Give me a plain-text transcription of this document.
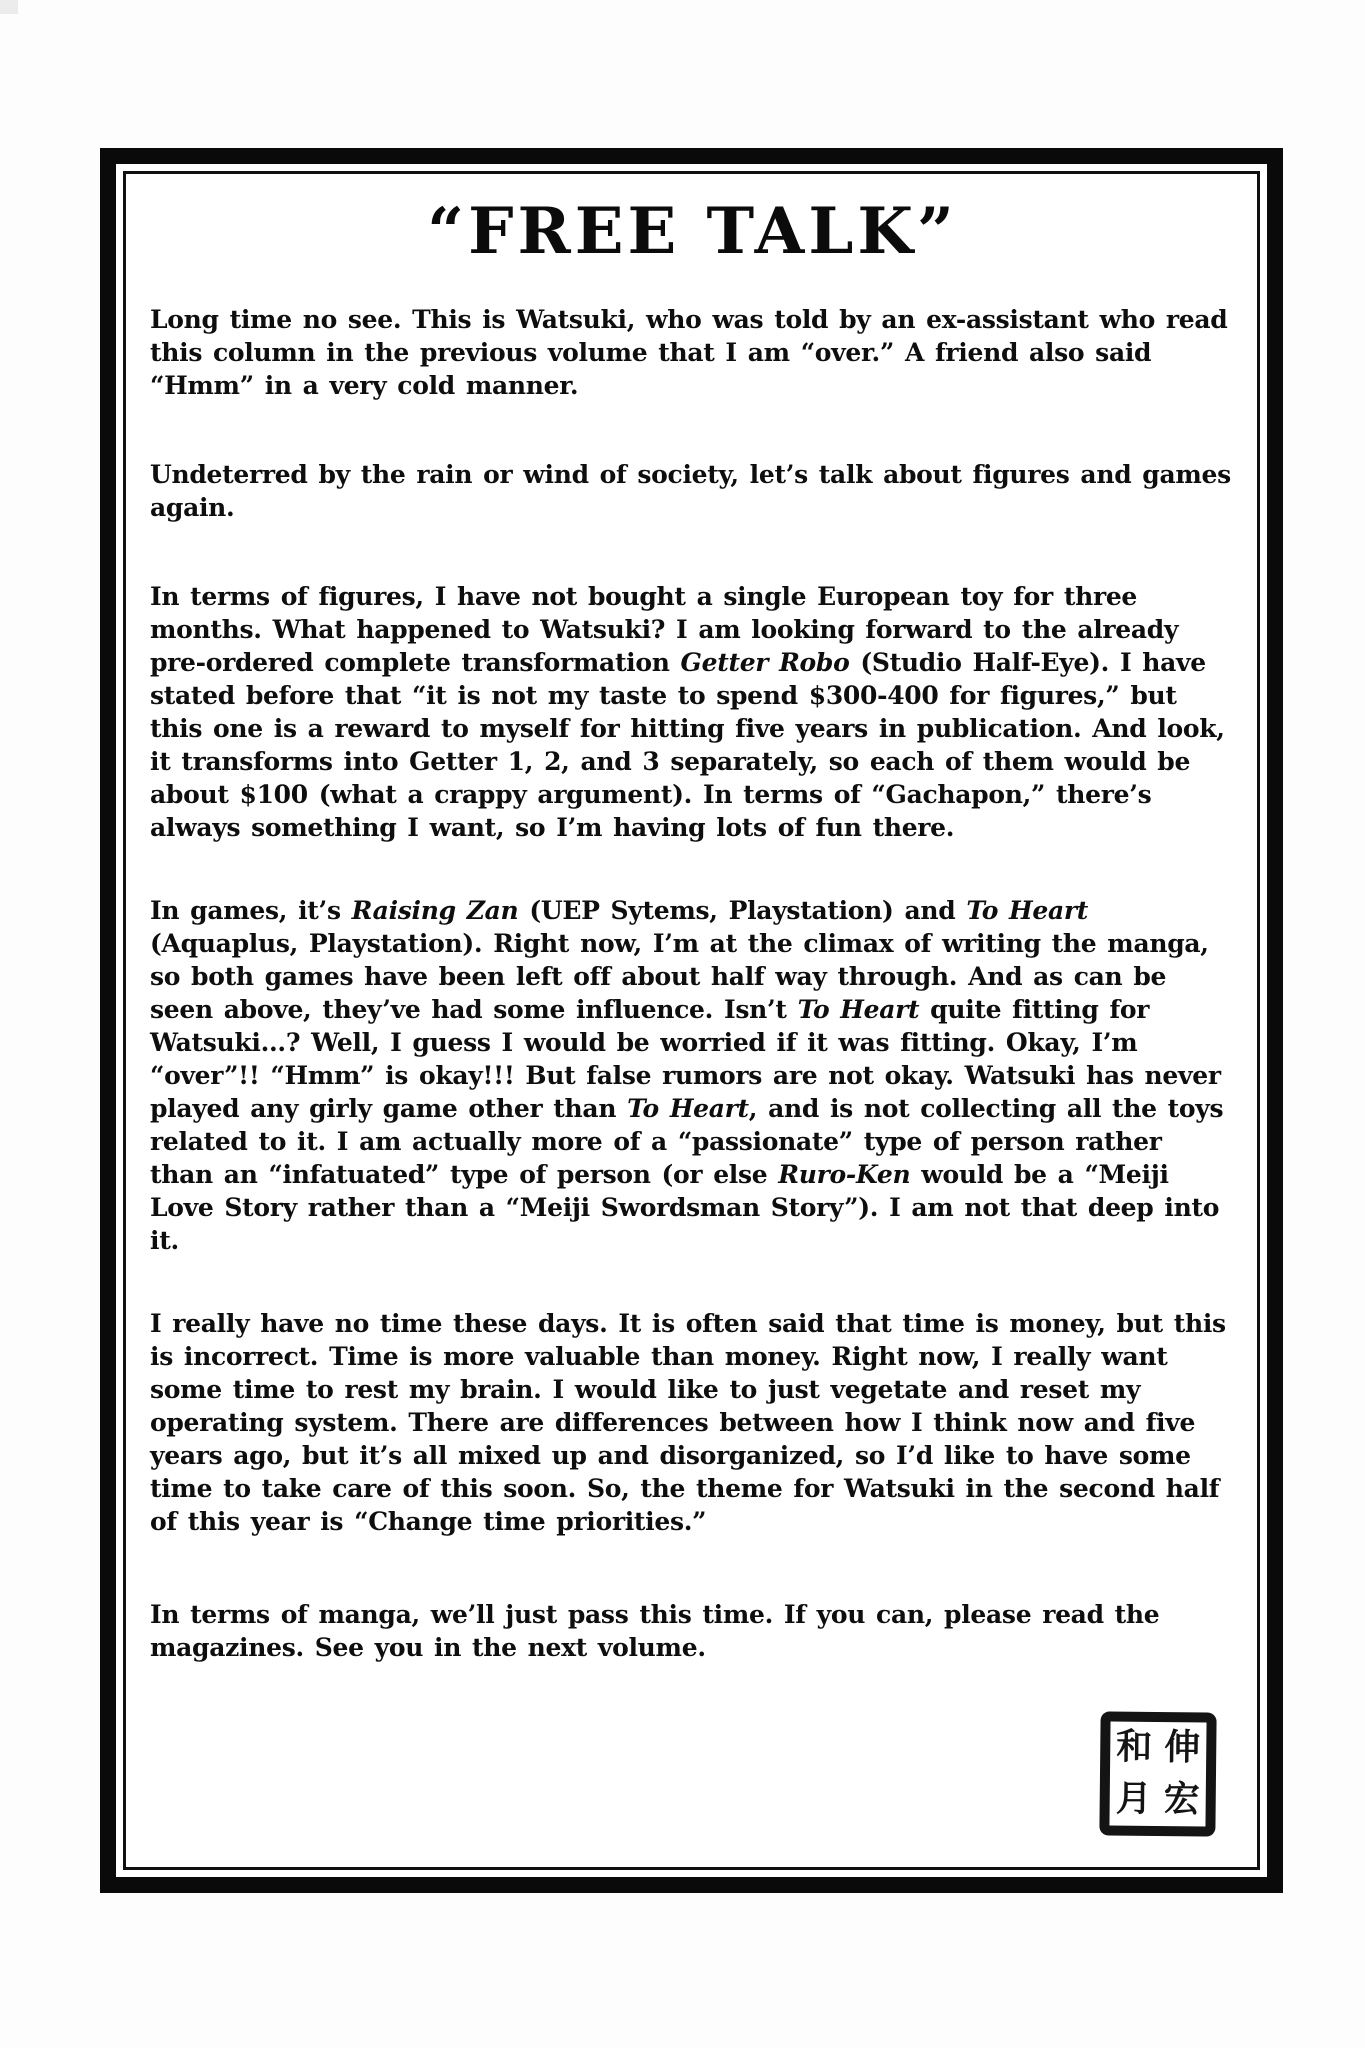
“FREE TALK”

Long time no see. This is Watsuki, who was told by an ex-assistant who read this column in the previous volume that I am “over.” A friend also said “Hmm” in a very cold manner.

Undeterred by the rain or wind of society, let’s talk about figures and games again.

In terms of figures, I have not bought a single European toy for three months. What happened to Watsuki? I am looking forward to the already pre-ordered complete transformation Getter Robo (Studio Half-Eye). I have stated before that “it is not my taste to spend $300-400 for figures,” but this one is a reward to myself for hitting five years in publication. And look, it transforms into Getter 1, 2, and 3 separately, so each of them would be about $100 (what a crappy argument). In terms of “Gachapon,” there’s always something I want, so I’m having lots of fun there.

In games, it’s Raising Zan (UEP Sytems, Playstation) and To Heart (Aquaplus, Playstation). Right now, I’m at the climax of writing the manga, so both games have been left off about half way through. And as can be seen above, they’ve had some influence. Isn’t To Heart quite fitting for Watsuki...? Well, I guess I would be worried if it was fitting. Okay, I’m “over”!! “Hmm” is okay!!! But false rumors are not okay. Watsuki has never played any girly game other than To Heart, and is not collecting all the toys related to it. I am actually more of a “passionate” type of person rather than an “infatuated” type of person (or else Ruro-Ken would be a “Meiji Love Story rather than a “Meiji Swordsman Story”). I am not that deep into it.

I really have no time these days. It is often said that time is money, but this is incorrect. Time is more valuable than money. Right now, I really want some time to rest my brain. I would like to just vegetate and reset my operating system. There are differences between how I think now and five years ago, but it’s all mixed up and disorganized, so I’d like to have some time to take care of this soon. So, the theme for Watsuki in the second half of this year is “Change time priorities.”

In terms of manga, we’ll just pass this time. If you can, please read the magazines. See you in the next volume.

伸
宏
和
月
